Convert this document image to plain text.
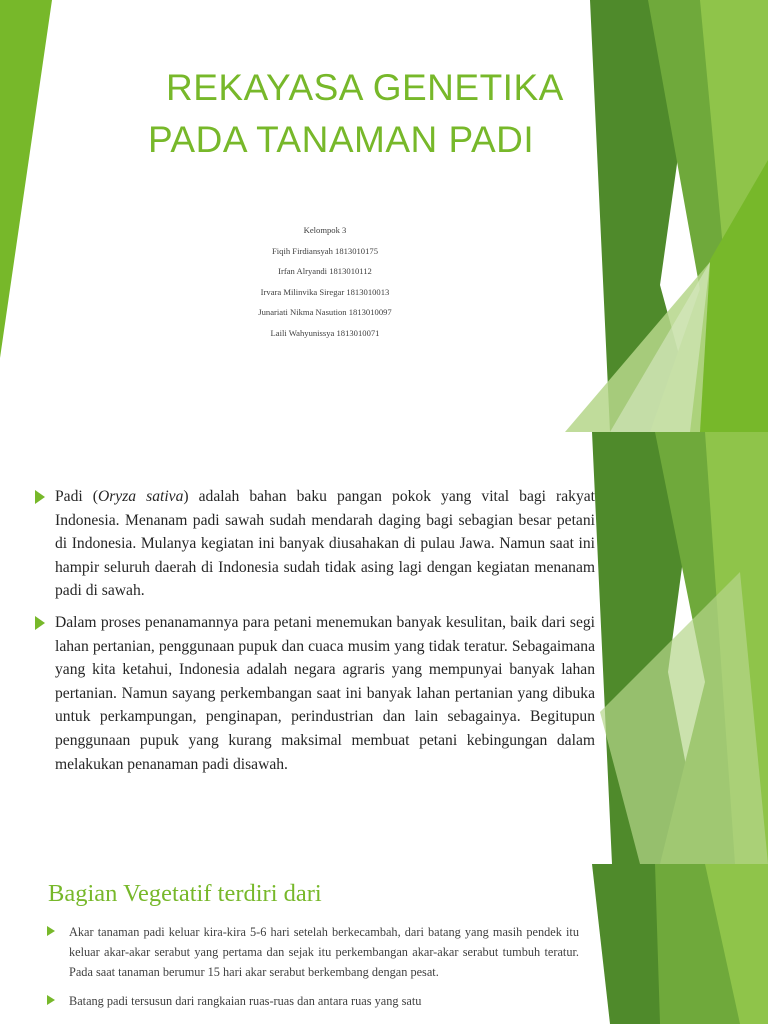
REKAYASA GENETIKA
PADA TANAMAN PADI
Kelompok 3
Fiqih Firdiansyah 1813010175
Irfan Alryandi 1813010112
Irvara Milinvika Siregar 1813010013
Junariati Nikma Nasution 1813010097
Laili Wahyunissya 1813010071
Padi (Oryza sativa) adalah bahan baku pangan pokok yang vital bagi rakyat Indonesia. Menanam padi sawah sudah mendarah daging bagi sebagian besar petani di Indonesia. Mulanya kegiatan ini banyak diusahakan di pulau Jawa. Namun saat ini hampir seluruh daerah di Indonesia sudah tidak asing lagi dengan kegiatan menanam padi di sawah.
Dalam proses penanamannya para petani menemukan banyak kesulitan, baik dari segi lahan pertanian, penggunaan pupuk dan cuaca musim yang tidak teratur. Sebagaimana yang kita ketahui, Indonesia adalah negara agraris yang mempunyai banyak lahan pertanian. Namun sayang perkembangan saat ini banyak lahan pertanian yang dibuka untuk perkampungan, penginapan, perindustrian dan lain sebagainya. Begitupun penggunaan pupuk yang kurang maksimal membuat petani kebingungan dalam melakukan penanaman padi disawah.
Bagian Vegetatif terdiri dari
Akar tanaman padi keluar kira-kira 5-6 hari setelah berkecambah, dari batang yang masih pendek itu keluar akar-akar serabut yang pertama dan sejak itu perkembangan akar-akar serabut tumbuh teratur. Pada saat tanaman berumur 15 hari akar serabut berkembang dengan pesat.
Batang padi tersusun dari rangkaian ruas-ruas dan antara ruas yang satu
